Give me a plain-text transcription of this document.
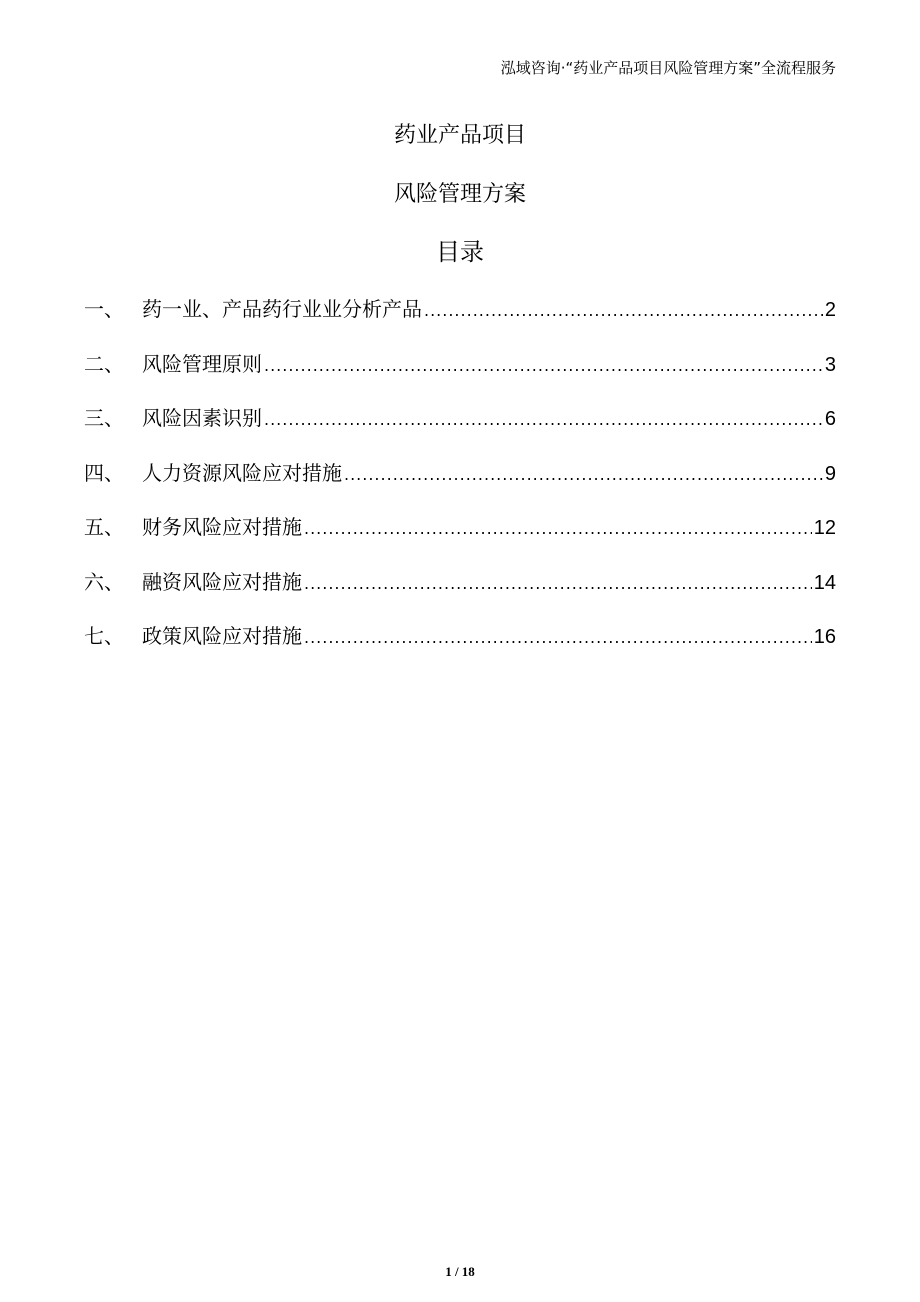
泓域咨询·“药业产品项目风险管理方案”全流程服务
药业产品项目
风险管理方案
目录
一、 药一业、产品药行业业分析产品 .....	2
二、 风险管理原则 .....	3
三、 风险因素识别 .....	6
四、 人力资源风险应对措施 .....	9
五、 财务风险应对措施 .....	12
六、 融资风险应对措施 .....	14
七、 政策风险应对措施 .....	16
1 / 18
